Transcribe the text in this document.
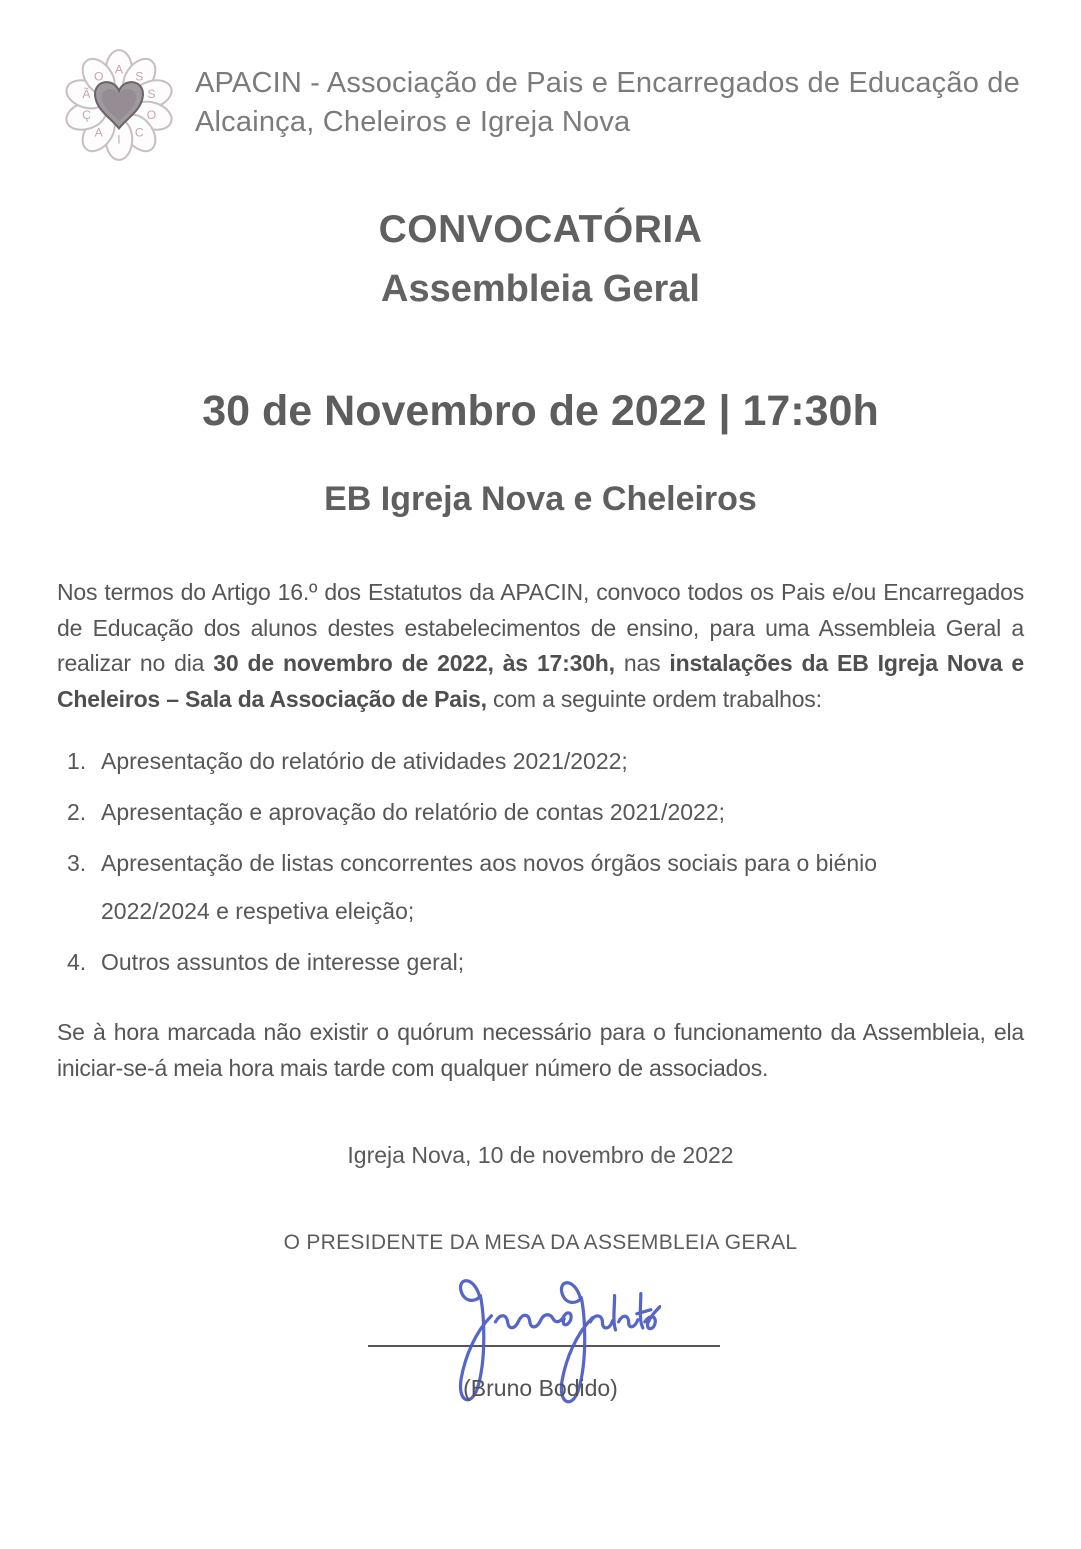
A
S
S
O
C
I
A
Ç
Ã
O	APACIN - Associação de Pais e Encarregados de Educação de
Alcainça, Cheleiros e Igreja Nova
CONVOCATÓRIA
Assembleia Geral
30 de Novembro de 2022 | 17:30h
EB Igreja Nova e Cheleiros

Nos termos do Artigo 16.º dos Estatutos da APACIN, convoco todos os Pais e/ou Encarregados de Educação dos alunos destes estabelecimentos de ensino, para uma Assembleia Geral a realizar no dia 30 de novembro de 2022, às 17:30h, nas instalações da EB Igreja Nova e Cheleiros – Sala da Associação de Pais, com a seguinte ordem trabalhos:

1. Apresentação do relatório de atividades 2021/2022;
2. Apresentação e aprovação do relatório de contas 2021/2022;
3. Apresentação de listas concorrentes aos novos órgãos sociais para o biénio
2022/2024 e respetiva eleição;
4. Outros assuntos de interesse geral;

Se à hora marcada não existir o quórum necessário para o funcionamento da Assembleia, ela iniciar-se-á meia hora mais tarde com qualquer número de associados.

Igreja Nova, 10 de novembro de 2022

O PRESIDENTE DA MESA DA ASSEMBLEIA GERAL

(Bruno Bodido)
